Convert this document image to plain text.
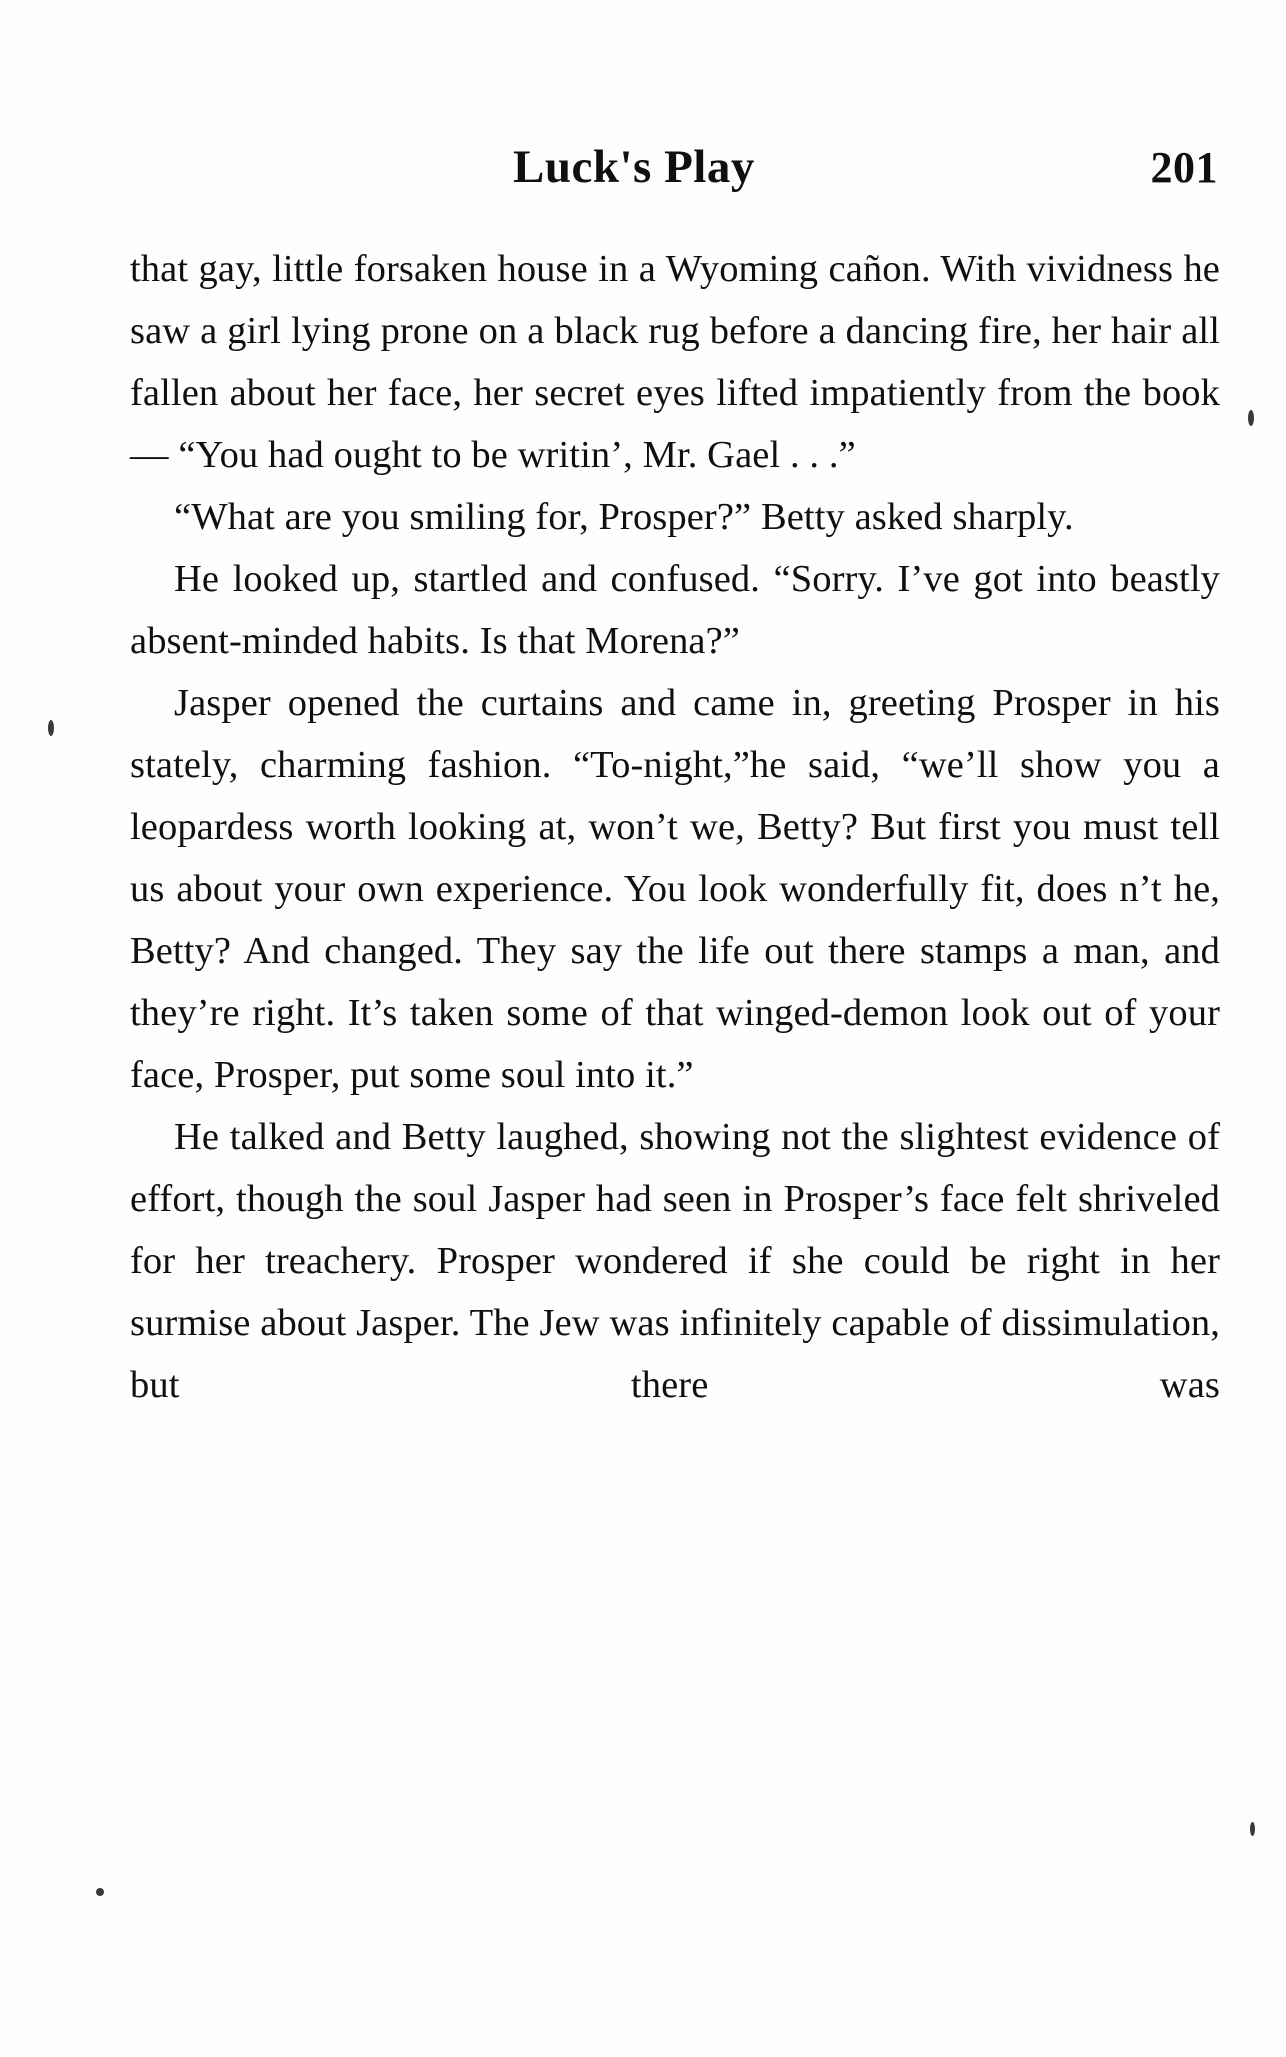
Luck's Play	201

that gay, little forsaken house in a Wyoming cañon. With vividness he saw a girl lying prone on a black rug before a dancing fire, her hair all fallen about her face, her secret eyes lifted impatiently from the book — “You had ought to be writin’, Mr. Gael . . .”

“What are you smiling for, Prosper?” Betty asked sharply.

He looked up, startled and confused. “Sorry. I’ve got into beastly absent-minded habits. Is that Morena?”

Jasper opened the curtains and came in, greeting Prosper in his stately, charming fashion. “To-night,”he said, “we’ll show you a leopardess worth looking at, won’t we, Betty? But first you must tell us about your own experience. You look wonderfully fit, does n’t he, Betty? And changed. They say the life out there stamps a man, and they’re right. It’s taken some of that winged-demon look out of your face, Prosper, put some soul into it.”

He talked and Betty laughed, showing not the slightest evidence of effort, though the soul Jasper had seen in Prosper’s face felt shriveled for her treachery. Prosper wondered if she could be right in her surmise about Jasper. The Jew was infinitely capable of dissimulation, but there was
